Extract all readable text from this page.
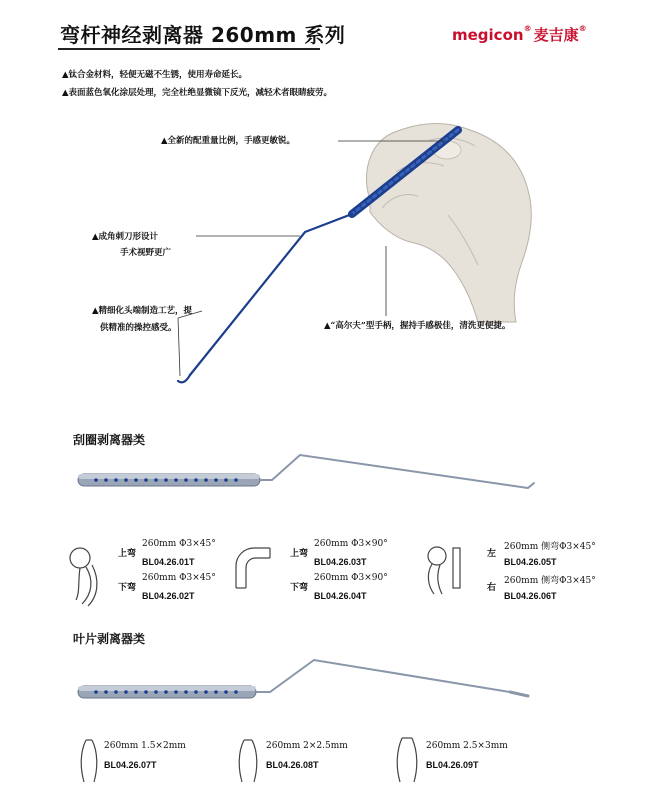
弯杆神经剥离器 260mm 系列	megicon® 麦吉康®
▲钛合金材料，轻便无磁不生锈，使用寿命延长。
▲表面蓝色氧化涂层处理，完全杜绝显微镜下反光，减轻术者眼睛疲劳。
▲全新的配重量比例，手感更敏锐。
▲成角刺刀形设计
手术视野更广
▲精细化头端制造工艺，提
供精准的操控感受。	▲“高尔夫”型手柄，握持手感极佳，清洗更便捷。
刮圈剥离器类
上弯
260mm Φ3×45°
BL04.26.01T
下弯
260mm Φ3×45°
BL04.26.02T
上弯
260mm Φ3×90°
BL04.26.03T
下弯
260mm Φ3×90°
BL04.26.04T
左
260mm 侧弯Φ3×45°
BL04.26.05T
右
260mm 侧弯Φ3×45°
BL04.26.06T
叶片剥离器类
260mm 1.5×2mm
BL04.26.07T
260mm 2×2.5mm
BL04.26.08T
260mm 2.5×3mm
BL04.26.09T
